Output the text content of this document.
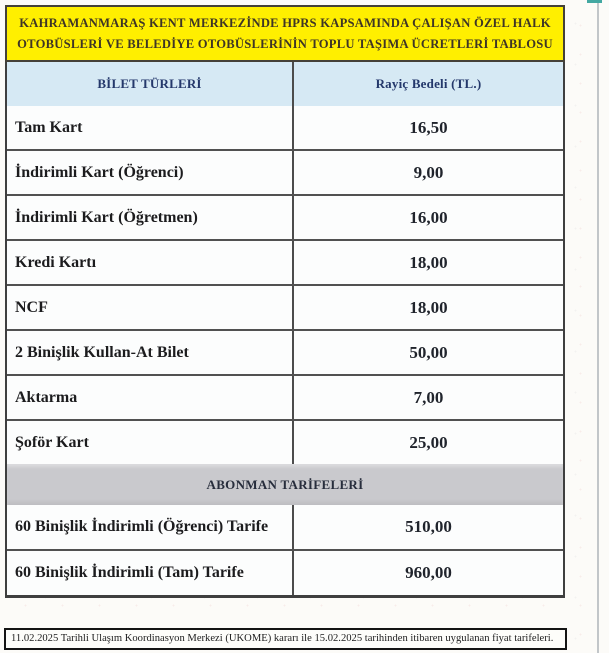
KAHRAMANMARAŞ KENT MERKEZİNDE HPRS KAPSAMINDA ÇALIŞAN ÖZEL HALK
OTOBÜSLERİ VE BELEDİYE OTOBÜSLERİNİN TOPLU TAŞIMA ÜCRETLERİ TABLOSU
BİLET TÜRLERİ	Rayiç Bedeli (TL.)
Tam Kart	16,50
İndirimli Kart (Öğrenci)	9,00
İndirimli Kart (Öğretmen)	16,00
Kredi Kartı	18,00
NCF	18,00
2 Binişlik Kullan-At Bilet	50,00
Aktarma	7,00
Şoför Kart	25,00
ABONMAN TARİFELERİ
60 Binişlik İndirimli (Öğrenci) Tarife	510,00
60 Binişlik İndirimli (Tam) Tarife	960,00
11.02.2025 Tarihli Ulaşım Koordinasyon Merkezi (UKOME) kararı ile 15.02.2025 tarihinden itibaren uygulanan fiyat tarifeleri.
